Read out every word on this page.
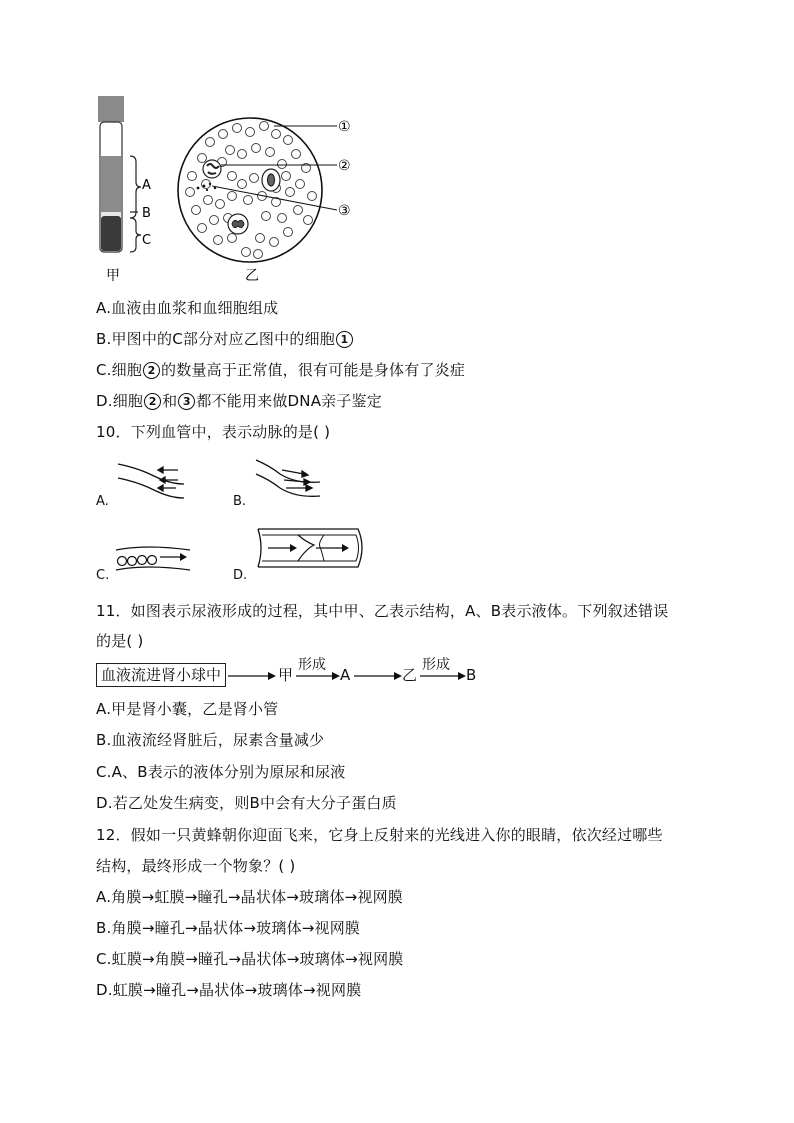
A
B
C
甲
①
②
③
乙
A.血液由血浆和血细胞组成
B.甲图中的C部分对应乙图中的细胞 1
C.细胞 2 的数量高于正常值，很有可能是身体有了炎症
D.细胞 2 和 3 都不能用来做DNA亲子鉴定
10．下列血管中，表示动脉的是( )
A.	B.
C.	D.
11．如图表示尿液形成的过程，其中甲、乙表示结构，A、B表示液体。下列叙述错误
的是( )
血液流进肾小球中	甲
形成
A	乙
形成
B
A.甲是肾小囊，乙是肾小管
B.血液流经肾脏后，尿素含量减少
C.A、B表示的液体分别为原尿和尿液
D.若乙处发生病变，则B中会有大分子蛋白质
12．假如一只黄蜂朝你迎面飞来，它身上反射来的光线进入你的眼睛，依次经过哪些
结构，最终形成一个物象？( )
A.角膜→虹膜→瞳孔→晶状体→玻璃体→视网膜
B.角膜→瞳孔→晶状体→玻璃体→视网膜
C.虹膜→角膜→瞳孔→晶状体→玻璃体→视网膜
D.虹膜→瞳孔→晶状体→玻璃体→视网膜
